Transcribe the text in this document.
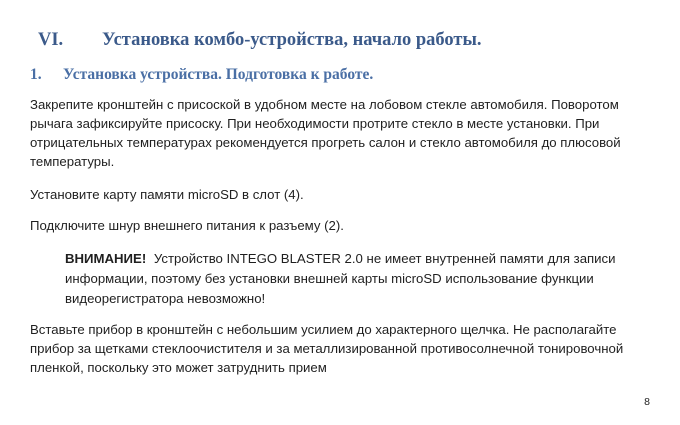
VI. Установка комбо-устройства, начало работы.
1. Установка устройства. Подготовка к работе.
Закрепите кронштейн с присоской в удобном месте на лобовом стекле автомобиля. Поворотом рычага зафиксируйте присоску. При необходимости протрите стекло в месте установки. При отрицательных температурах рекомендуется прогреть салон и стекло автомобиля до плюсовой температуры.
Установите карту памяти microSD в слот (4).
Подключите шнур внешнего питания к разъему (2).
ВНИМАНИЕ! Устройство INTEGO BLASTER 2.0 не имеет внутренней памяти для записи информации, поэтому без установки внешней карты microSD использование функции видеорегистратора невозможно!
Вставьте прибор в кронштейн с небольшим усилием до характерного щелчка. Не располагайте прибор за щетками стеклоочистителя и за металлизированной противосолнечной тонировочной пленкой, поскольку это может затруднить прием
8
